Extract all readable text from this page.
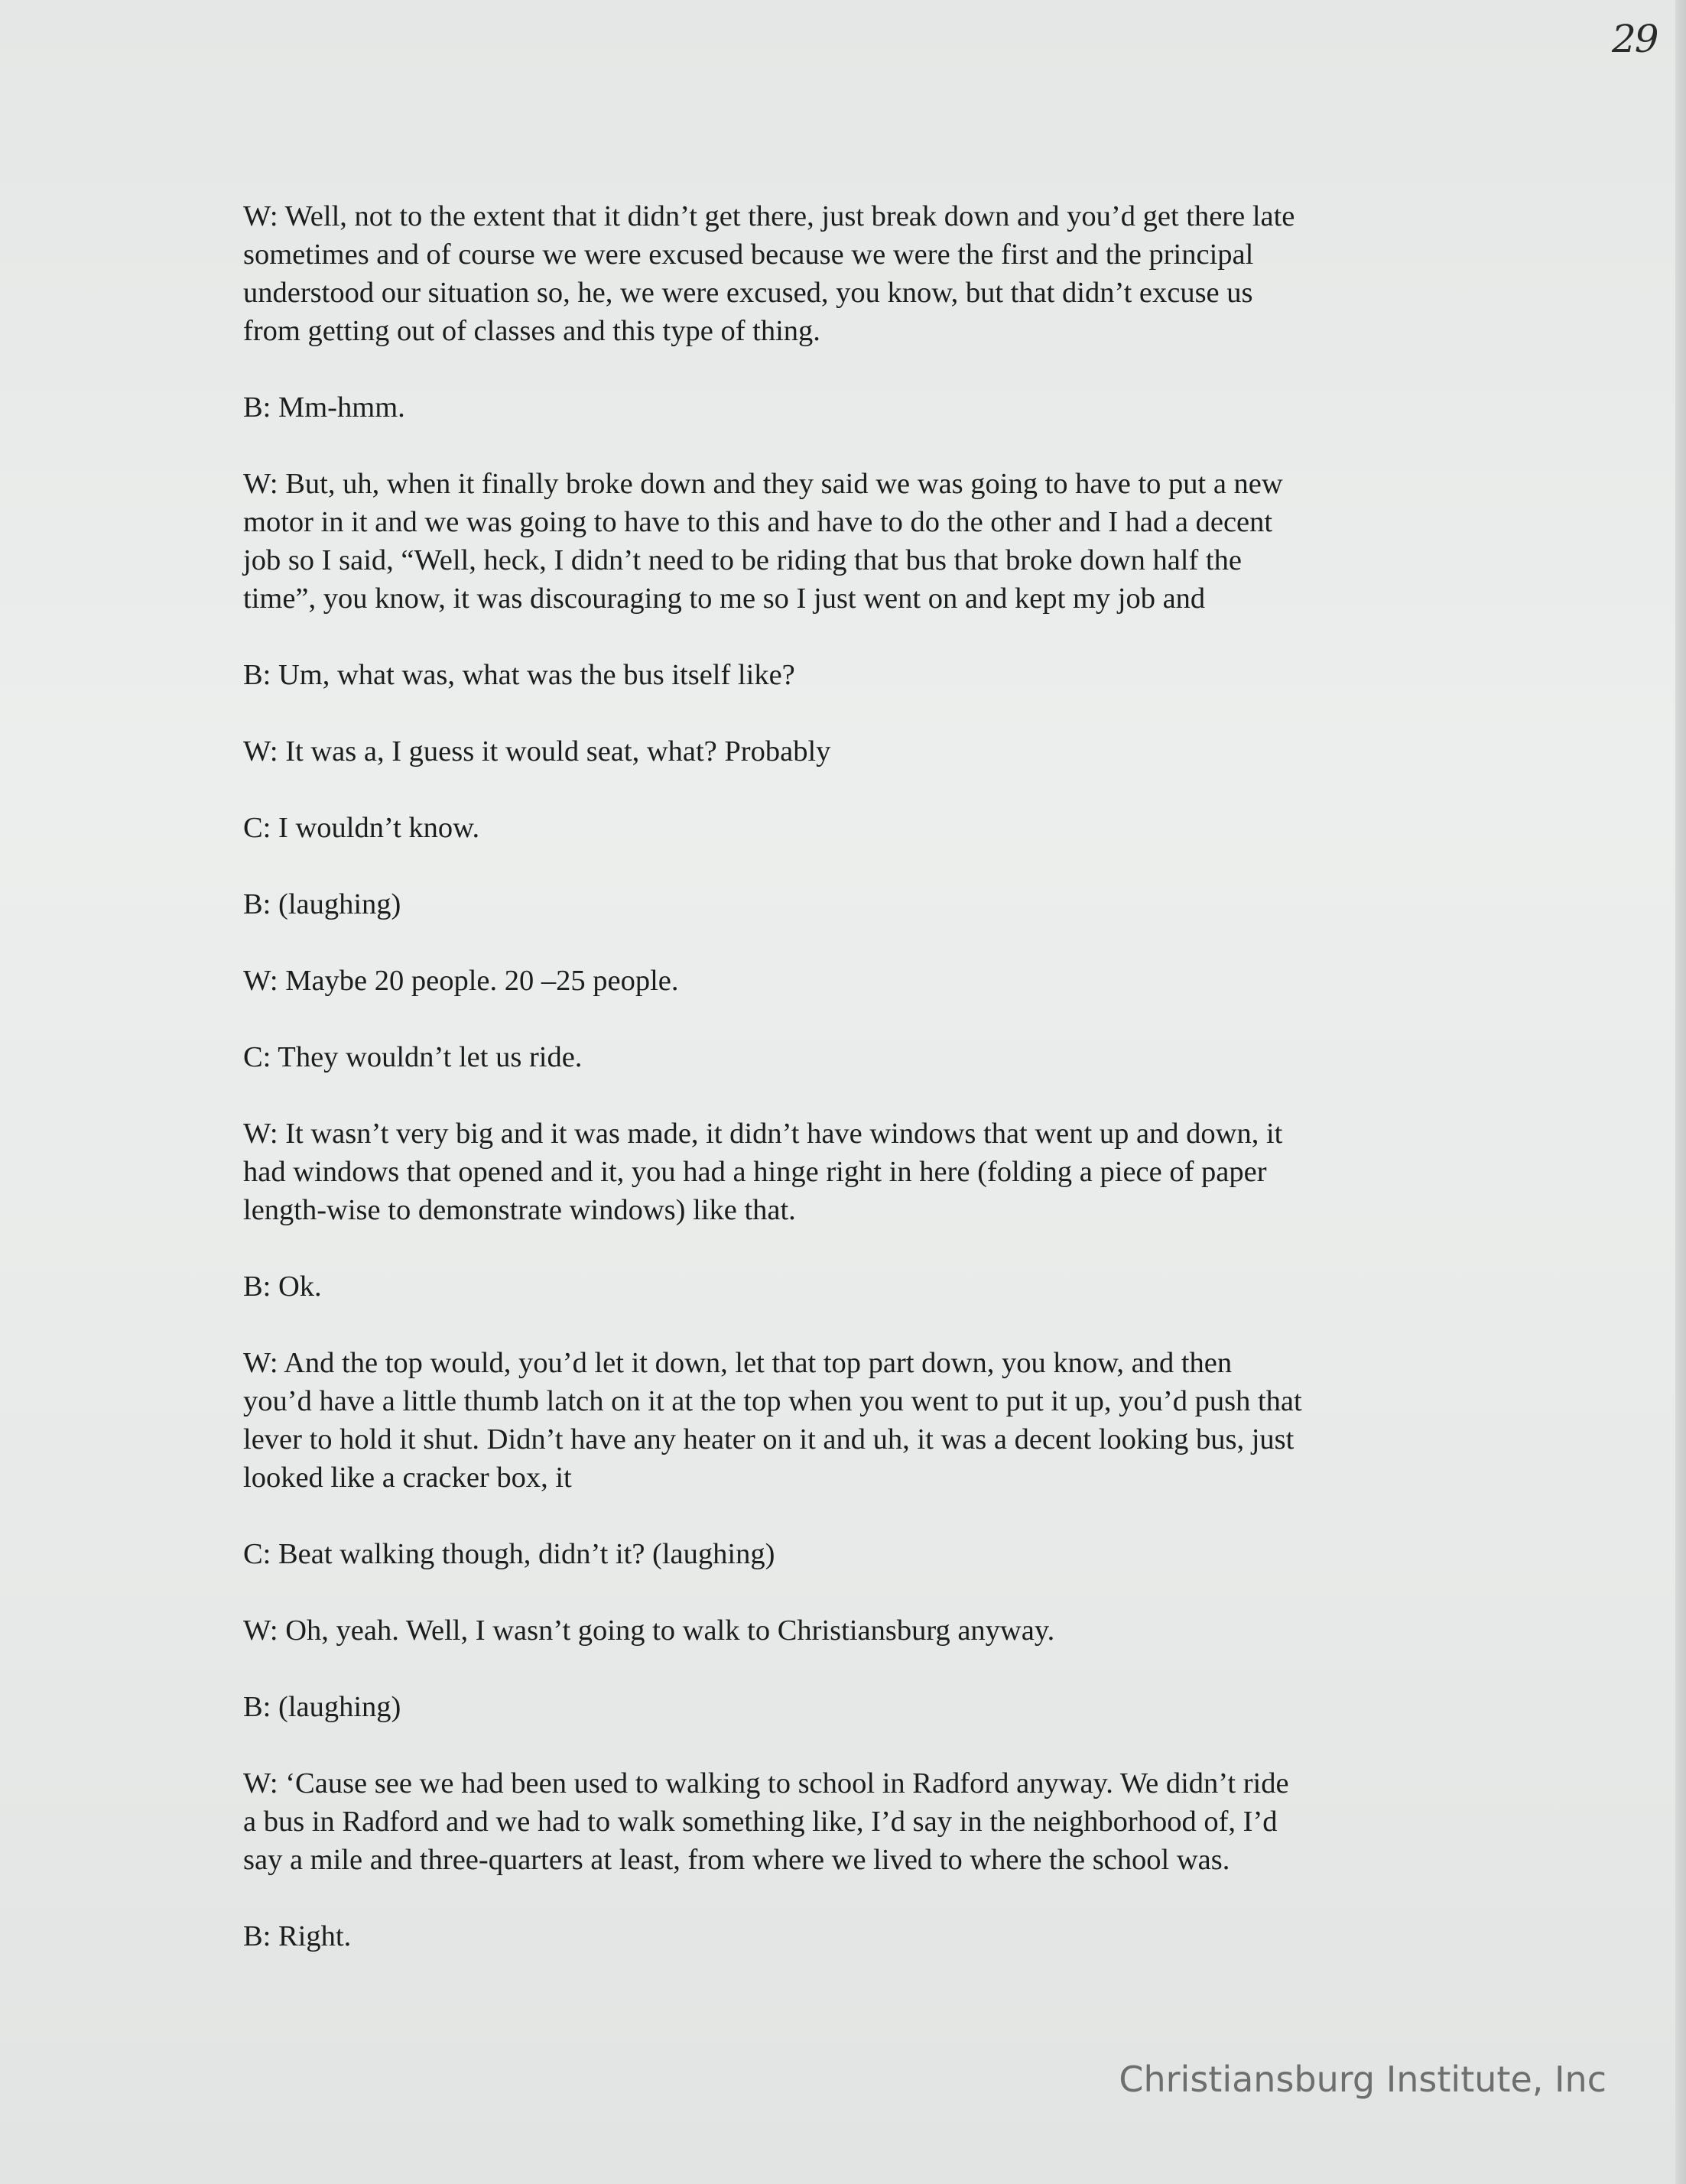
29
W: Well, not to the extent that it didn’t get there, just break down and you’d get there late
sometimes and of course we were excused because we were the first and the principal
understood our situation so, he, we were excused, you know, but that didn’t excuse us
from getting out of classes and this type of thing.
B: Mm-hmm.
W: But, uh, when it finally broke down and they said we was going to have to put a new
motor in it and we was going to have to this and have to do the other and I had a decent
job so I said, “Well, heck, I didn’t need to be riding that bus that broke down half the
time”, you know, it was discouraging to me so I just went on and kept my job and
B: Um, what was, what was the bus itself like?
W: It was a, I guess it would seat, what? Probably
C: I wouldn’t know.
B: (laughing)
W: Maybe 20 people. 20 –25 people.
C: They wouldn’t let us ride.
W: It wasn’t very big and it was made, it didn’t have windows that went up and down, it
had windows that opened and it, you had a hinge right in here (folding a piece of paper
length-wise to demonstrate windows) like that.
B: Ok.
W: And the top would, you’d let it down, let that top part down, you know, and then
you’d have a little thumb latch on it at the top when you went to put it up, you’d push that
lever to hold it shut. Didn’t have any heater on it and uh, it was a decent looking bus, just
looked like a cracker box, it
C: Beat walking though, didn’t it? (laughing)
W: Oh, yeah. Well, I wasn’t going to walk to Christiansburg anyway.
B: (laughing)
W: ‘Cause see we had been used to walking to school in Radford anyway. We didn’t ride
a bus in Radford and we had to walk something like, I’d say in the neighborhood of, I’d
say a mile and three-quarters at least, from where we lived to where the school was.
B: Right.
Christiansburg Institute, Inc
